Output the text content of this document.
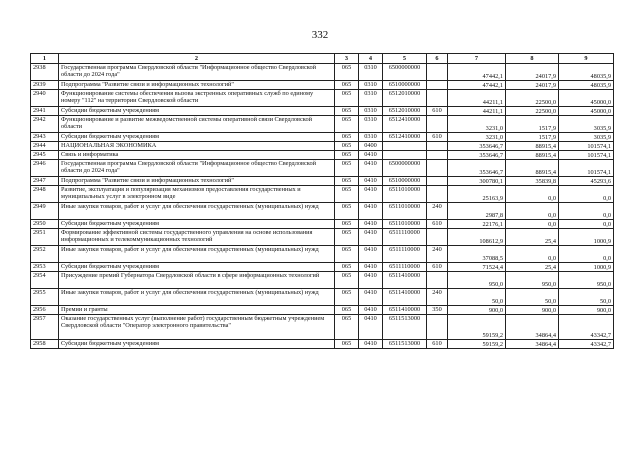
332
1	2	3	4	5	6	7	8	9
2938	Государственная программа Свердловской области "Информационное общество Свердловской области до 2024 года"	065	0310	6500000000		47442,1	24017,9	48035,9
2939	Подпрограмма "Развитие связи и информационных технологий"	065	0310	6510000000		47442,1	24017,9	48035,9
2940	Функционирование системы обеспечения вызова экстренных оперативных служб по единому номеру "112" на территории Свердловской области	065	0310	6512010000		44211,1	22500,0	45000,0
2941	Субсидии бюджетным учреждениям	065	0310	6512010000	610	44211,1	22500,0	45000,0
2942	Функционирование и развитие межведомственной системы оперативной связи Свердловской области	065	0310	6512410000		3231,0	1517,9	3035,9
2943	Субсидии бюджетным учреждениям	065	0310	6512410000	610	3231,0	1517,9	3035,9
2944	НАЦИОНАЛЬНАЯ ЭКОНОМИКА	065	0400			353646,7	88915,4	101574,1
2945	Связь и информатика	065	0410			353646,7	88915,4	101574,1
2946	Государственная программа Свердловской области "Информационное общество Свердловской области до 2024 года"	065	0410	6500000000		353646,7	88915,4	101574,1
2947	Подпрограмма "Развитие связи и информационных технологий"	065	0410	6510000000		300780,1	35839,8	45293,6
2948	Развитие, эксплуатация и популяризация механизмов предоставления государственных и муниципальных услуг в электронном виде	065	0410	6511010000		25163,9	0,0	0,0
2949	Иные закупки товаров, работ и услуг для обеспечения государственных (муниципальных) нужд	065	0410	6511010000	240	2987,8	0,0	0,0
2950	Субсидии бюджетным учреждениям	065	0410	6511010000	610	22176,1	0,0	0,0
2951	Формирование эффективной системы государственного управления на основе использования информационных и телекоммуникационных технологий	065	0410	6511110000		108612,9	25,4	1000,9
2952	Иные закупки товаров, работ и услуг для обеспечения государственных (муниципальных) нужд	065	0410	6511110000	240	37088,5	0,0	0,0
2953	Субсидии бюджетным учреждениям	065	0410	6511110000	610	71524,4	25,4	1000,9
2954	Присуждение премий Губернатора Свердловской области в сфере информационных технологий	065	0410	6511410000		950,0	950,0	950,0
2955	Иные закупки товаров, работ и услуг для обеспечения государственных (муниципальных) нужд	065	0410	6511410000	240	50,0	50,0	50,0
2956	Премии и гранты	065	0410	6511410000	350	900,0	900,0	900,0
2957	Оказание государственных услуг (выполнение работ) государственным бюджетным учреждением Свердловской области "Оператор электронного правительства"	065	0410	6511513000		59159,2	34864,4	43342,7
2958	Субсидии бюджетным учреждениям	065	0410	6511513000	610	59159,2	34864,4	43342,7
